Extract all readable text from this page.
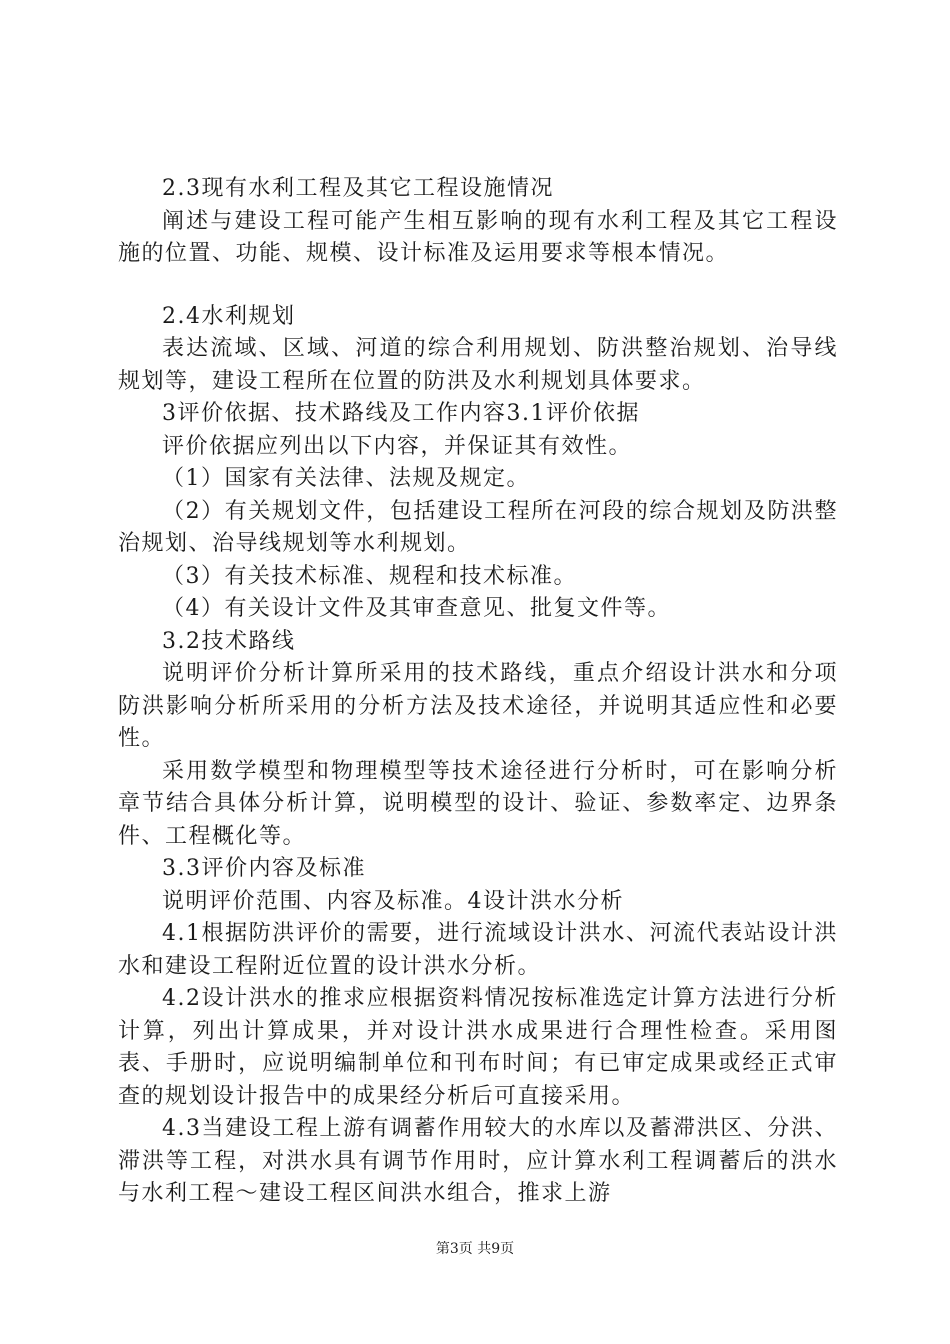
2.3现有水利工程及其它工程设施情况

阐述与建设工程可能产生相互影响的现有水利工程及其它工程设施的位置、功能、规模、设计标准及运用要求等根本情况。

2.4水利规划

表达流域、区域、河道的综合利用规划、防洪整治规划、治导线规划等，建设工程所在位置的防洪及水利规划具体要求。

3评价依据、技术路线及工作内容3.1评价依据

评价依据应列出以下内容，并保证其有效性。

（1）国家有关法律、法规及规定。

（2）有关规划文件，包括建设工程所在河段的综合规划及防洪整治规划、治导线规划等水利规划。

（3）有关技术标准、规程和技术标准。

（4）有关设计文件及其审查意见、批复文件等。

3.2技术路线

说明评价分析计算所采用的技术路线，重点介绍设计洪水和分项防洪影响分析所采用的分析方法及技术途径，并说明其适应性和必要性。

采用数学模型和物理模型等技术途径进行分析时，可在影响分析章节结合具体分析计算，说明模型的设计、验证、参数率定、边界条件、工程概化等。

3.3评价内容及标准

说明评价范围、内容及标准。4设计洪水分析

4.1根据防洪评价的需要，进行流域设计洪水、河流代表站设计洪水和建设工程附近位置的设计洪水分析。

4.2设计洪水的推求应根据资料情况按标准选定计算方法进行分析计算，列出计算成果，并对设计洪水成果进行合理性检查。采用图表、手册时，应说明编制单位和刊布时间；有已审定成果或经正式审查的规划设计报告中的成果经分析后可直接采用。

4.3当建设工程上游有调蓄作用较大的水库以及蓄滞洪区、分洪、滞洪等工程，对洪水具有调节作用时，应计算水利工程调蓄后的洪水与水利工程～建设工程区间洪水组合，推求上游

第3页 共9页
